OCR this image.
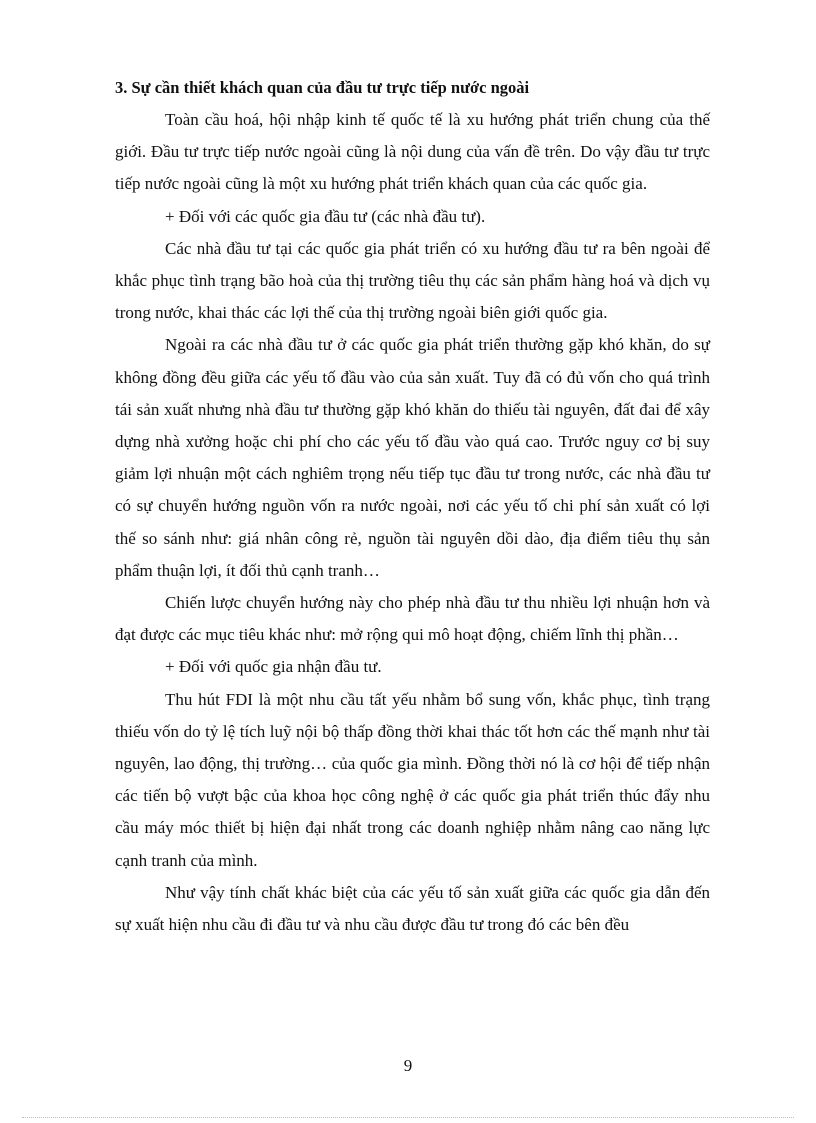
3. Sự cần thiết khách quan của đầu tư trực tiếp nước ngoài

Toàn cầu hoá, hội nhập kinh tế quốc tế là xu hướng phát triển chung của thế giới. Đầu tư trực tiếp nước ngoài cũng là nội dung của vấn đề trên. Do vậy đầu tư trực tiếp nước ngoài cũng là một xu hướng phát triển khách quan của các quốc gia.

+ Đối với các quốc gia đầu tư (các nhà đầu tư).

Các nhà đầu tư tại các quốc gia phát triển có xu hướng đầu tư ra bên ngoài để khắc phục tình trạng bão hoà của thị trường tiêu thụ các sản phẩm hàng hoá và dịch vụ trong nước, khai thác các lợi thế của thị trường ngoài biên giới quốc gia.

Ngoài ra các nhà đầu tư ở các quốc gia phát triển thường gặp khó khăn, do sự không đồng đều giữa các yếu tố đầu vào của sản xuất. Tuy đã có đủ vốn cho quá trình tái sản xuất nhưng nhà đầu tư thường gặp khó khăn do thiếu tài nguyên, đất đai để xây dựng nhà xưởng hoặc chi phí cho các yếu tố đầu vào quá cao. Trước nguy cơ bị suy giảm lợi nhuận một cách nghiêm trọng nếu tiếp tục đầu tư trong nước, các nhà đầu tư có sự chuyển hướng nguồn vốn ra nước ngoài, nơi các yếu tố chi phí sản xuất có lợi thế so sánh như: giá nhân công rẻ, nguồn tài nguyên dồi dào, địa điểm tiêu thụ sản phẩm thuận lợi, ít đối thủ cạnh tranh…

Chiến lược chuyển hướng này cho phép nhà đầu tư thu nhiều lợi nhuận hơn và đạt được các mục tiêu khác như: mở rộng qui mô hoạt động, chiếm lĩnh thị phần…

+ Đối với quốc gia nhận đầu tư.

Thu hút FDI là một nhu cầu tất yếu nhằm bổ sung vốn, khắc phục, tình trạng thiếu vốn do tỷ lệ tích luỹ nội bộ thấp đồng thời khai thác tốt hơn các thế mạnh như tài nguyên, lao động, thị trường… của quốc gia mình. Đồng thời nó là cơ hội để tiếp nhận các tiến bộ vượt bậc của khoa học công nghệ ở các quốc gia phát triển thúc đẩy nhu cầu máy móc thiết bị hiện đại nhất trong các doanh nghiệp nhằm nâng cao năng lực cạnh tranh của mình.

Như vậy tính chất khác biệt của các yếu tố sản xuất giữa các quốc gia dẫn đến sự xuất hiện nhu cầu đi đầu tư và nhu cầu được đầu tư trong đó các bên đều

9
